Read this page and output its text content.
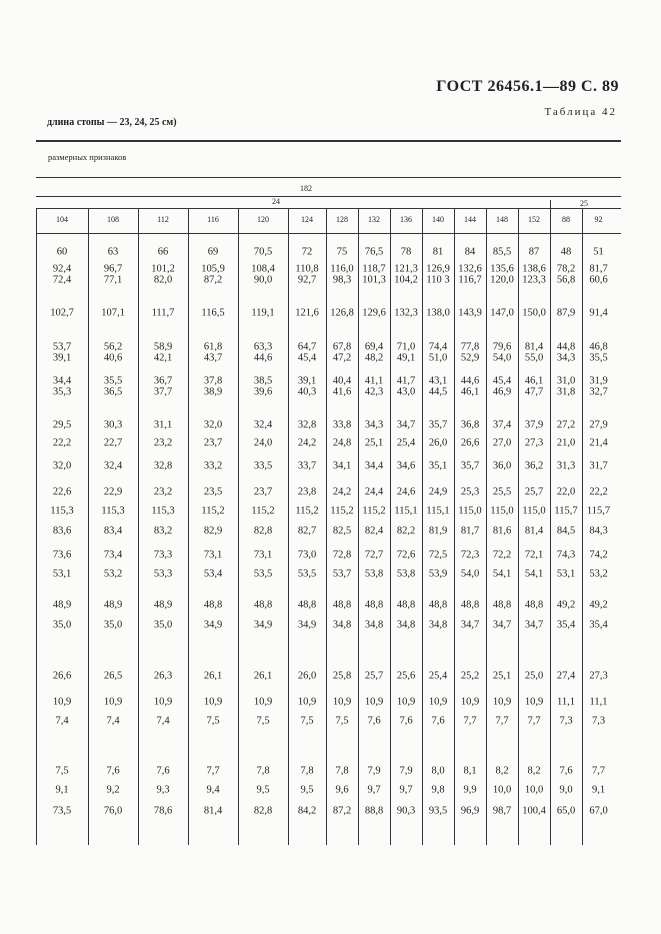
ГОСТ 26456.1—89 С. 89
Таблица 42
длина стопы — 23, 24, 25 см)
размерных признаков
182
24	25
104	108	112	116	120	124	128	132	136	140	144	148	152	88	92
60	63	66	69	70,5	72	75	76,5	78	81	84	85,5	87	48	51
92,4	96,7	101,2	105,9	108,4	110,8	116,0 118,7 121,3 126,9 132,6 135,6 138,6	78,2	81,7
72,4	77,1	82,0	87,2	90,0	92,7	98,3	101,3 104,2 110 3 116,7 120,0 123,3	56,8	60,6
102,7	107,1	111,7	116,5	119,1	121,6	126,8 129,6 132,3 138,0 143,9 147,0 150,0	87,9	91,4
53,7	56,2	58,9	61,8	63,3	64,7	67,8	69,4	71,0	74,4	77,8	79,6	81,4	44,8	46,8
39,1	40,6	42,1	43,7	44,6	45,4	47,2	48,2	49,1	51,0	52,9	54,0	55,0	34,3	35,5
34,4	35,5	36,7	37,8	38,5	39,1	40,4	41,1	41,7	43,1	44,6	45,4	46,1	31,0	31,9
35,3	36,5	37,7	38,9	39,6	40,3	41,6	42,3	43,0	44,5	46,1	46,9	47,7	31,8	32,7
29,5	30,3	31,1	32,0	32,4	32,8	33,8	34,3	34,7	35,7	36,8	37,4	37,9	27,2	27,9
22,2	22,7	23,2	23,7	24,0	24,2	24,8	25,1	25,4	26,0	26,6	27,0	27,3	21,0	21,4
32,0	32,4	32,8	33,2	33,5	33,7	34,1	34,4	34,6	35,1	35,7	36,0	36,2	31,3	31,7
22,6	22,9	23,2	23,5	23,7	23,8	24,2	24,4	24,6	24,9	25,3	25,5	25,7	22,0	22,2
115,3	115,3	115,3	115,2	115,2	115,2	115,2 115,2 115,1 115,1 115,0 115,0 115,0 115,7 115,7
83,6	83,4	83,2	82,9	82,8	82,7	82,5	82,4	82,2	81,9	81,7	81,6	81,4	84,5	84,3
73,6	73,4	73,3	73,1	73,1	73,0	72,8	72,7	72,6	72,5	72,3	72,2	72,1	74,3	74,2
53,1	53,2	53,3	53,4	53,5	53,5	53,7	53,8	53,8	53,9	54,0	54,1	54,1	53,1	53,2
48,9	48,9	48,9	48,8	48,8	48,8	48,8	48,8	48,8	48,8	48,8	48,8	48,8	49,2	49,2
35,0	35,0	35,0	34,9	34,9	34,9	34,8	34,8	34,8	34,8	34,7	34,7	34,7	35,4	35,4
26,6	26,5	26,3	26,1	26,1	26,0	25,8	25,7	25,6	25,4	25,2	25,1	25,0	27,4	27,3
10,9	10,9	10,9	10,9	10,9	10,9	10,9	10,9	10,9	10,9	10,9	10,9	10,9	11,1	11,1
7,4	7,4	7,4	7,5	7,5	7,5	7,5	7,6	7,6	7,6	7,7	7,7	7,7	7,3	7,3
7,5	7,6	7,6	7,7	7,8	7,8	7,8	7,9	7,9	8,0	8,1	8,2	8,2	7,6	7,7
9,1	9,2	9,3	9,4	9,5	9,5	9,6	9,7	9,7	9,8	9,9	10,0	10,0	9,0	9,1
73,5	76,0	78,6	81,4	82,8	84,2	87,2	88,8	90,3	93,5	96,9	98,7	100,4	65,0	67,0
